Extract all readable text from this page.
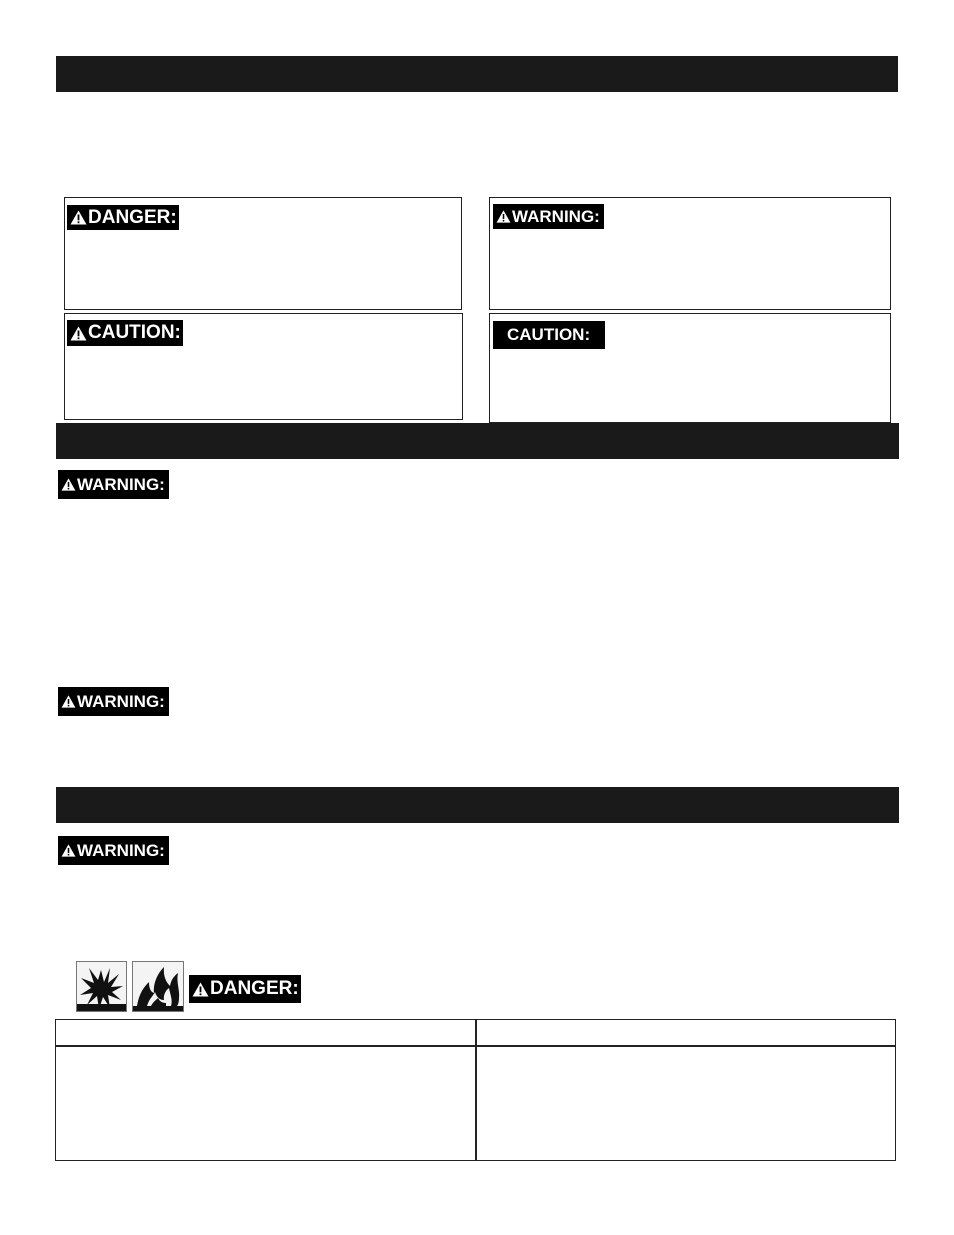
DANGER:	WARNING:
CAUTION:	CAUTION:
WARNING:
WARNING:
WARNING:
DANGER:
